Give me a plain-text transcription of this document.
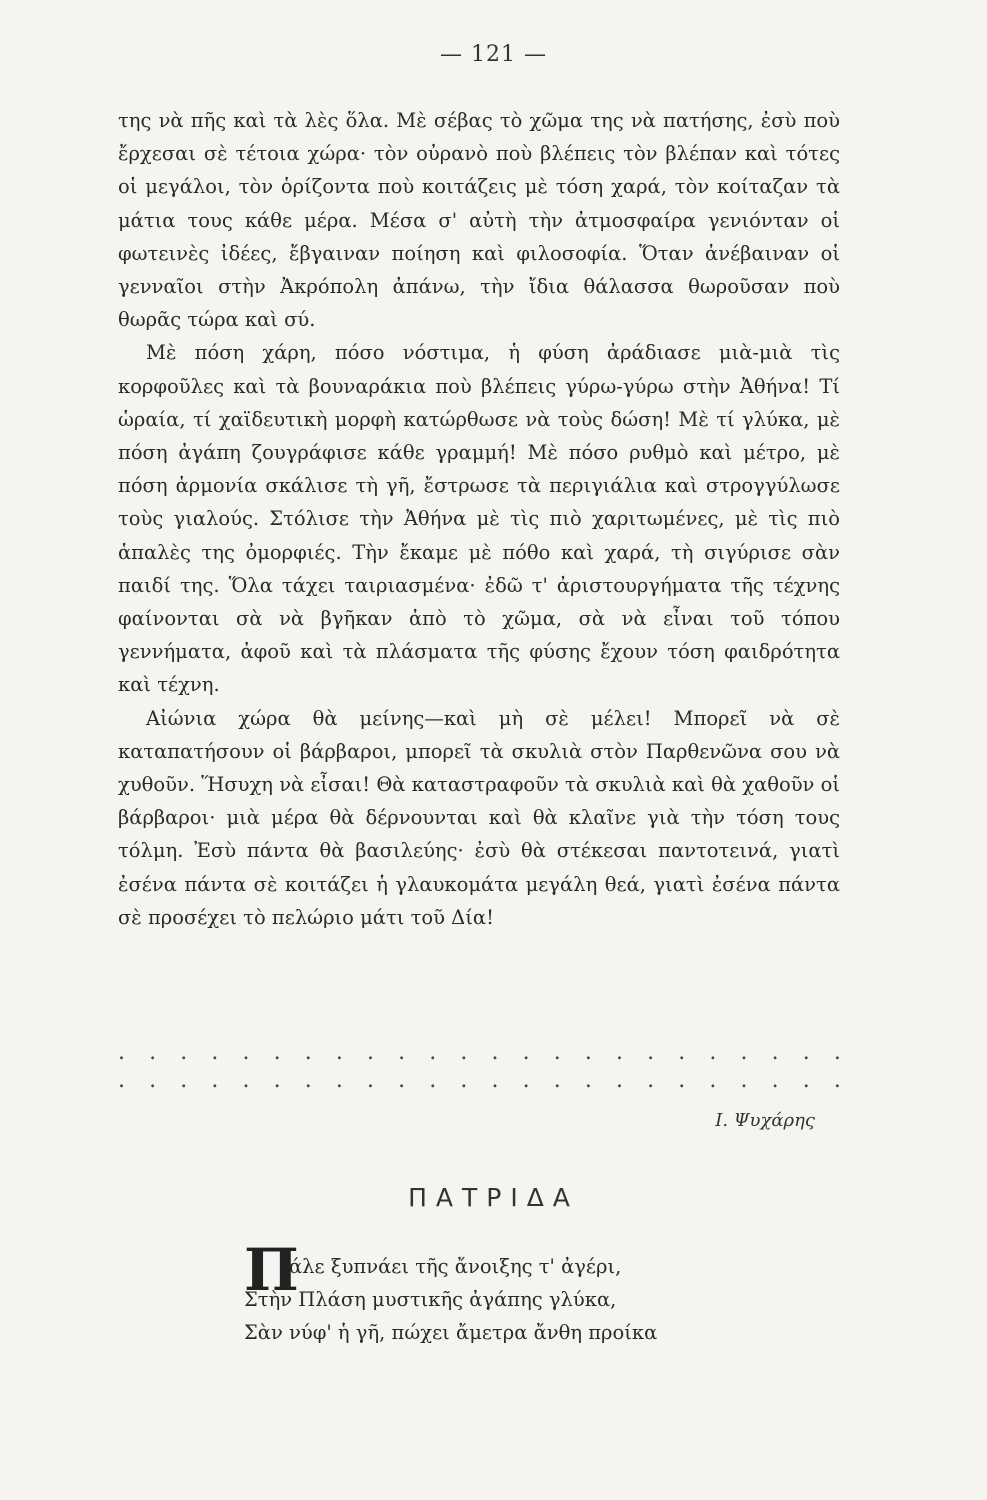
— 121 —

της νὰ πῆς καὶ τὰ λὲς ὅλα. Μὲ σέβας τὸ χῶμα της νὰ πατήσης, ἐσὺ ποὺ ἔρχεσαι σὲ τέτοια χώρα· τὸν οὐρανὸ ποὺ βλέπεις τὸν βλέπαν καὶ τότες οἱ μεγάλοι, τὸν ὁρίζοντα ποὺ κοιτάζεις μὲ τόση χαρά, τὸν κοίταζαν τὰ μάτια τους κάθε μέρα. Μέσα σ' αὐτὴ τὴν ἀτμοσφαίρα γενιόνταν οἱ φωτεινὲς ἰδέες, ἔβγαιναν ποίηση καὶ φιλοσοφία. Ὅταν ἀνέβαιναν οἱ γενναῖοι στὴν Ἀκρόπολη ἀπάνω, τὴν ἴδια θάλασσα θωροῦσαν ποὺ θωρᾶς τώρα καὶ σύ.

Μὲ πόση χάρη, πόσο νόστιμα, ἡ φύση ἀράδιασε μιὰ-μιὰ τὶς κορφοῦλες καὶ τὰ βουναράκια ποὺ βλέπεις γύρω-γύρω στὴν Ἀθήνα! Τί ὡραία, τί χαϊδευτικὴ μορφὴ κατώρθωσε νὰ τοὺς δώση! Μὲ τί γλύκα, μὲ πόση ἀγάπη ζουγράφισε κάθε γραμμή! Μὲ πόσο ρυθμὸ καὶ μέτρο, μὲ πόση ἁρμονία σκάλισε τὴ γῆ, ἔστρωσε τὰ περιγιάλια καὶ στρογγύλωσε τοὺς γιαλούς. Στόλισε τὴν Ἀθήνα μὲ τὶς πιὸ χαριτωμένες, μὲ τὶς πιὸ ἁπαλὲς της ὀμορφιές. Τὴν ἔκαμε μὲ πόθο καὶ χαρά, τὴ σιγύρισε σὰν παιδί της. Ὅλα τάχει ταιριασμένα· ἐδῶ τ' ἀριστουργήματα τῆς τέχνης φαίνονται σὰ νὰ βγῆκαν ἀπὸ τὸ χῶμα, σὰ νὰ εἶναι τοῦ τόπου γεννήματα, ἀφοῦ καὶ τὰ πλάσματα τῆς φύσης ἔχουν τόση φαιδρότητα καὶ τέχνη.

Αἰώνια χώρα θὰ μείνης—καὶ μὴ σὲ μέλει! Μπορεῖ νὰ σὲ καταπατήσουν οἱ βάρβαροι, μπορεῖ τὰ σκυλιὰ στὸν Παρθενῶνα σου νὰ χυθοῦν. Ἥσυχη νὰ εἶσαι! Θὰ καταστραφοῦν τὰ σκυλιὰ καὶ θὰ χαθοῦν οἱ βάρβαροι· μιὰ μέρα θὰ δέρνουνται καὶ θὰ κλαῖνε γιὰ τὴν τόση τους τόλμη. Ἐσὺ πάντα θὰ βασιλεύης· ἐσὺ θὰ στέκεσαι παντοτεινά, γιατὶ ἐσένα πάντα σὲ κοιτάζει ἡ γλαυκομάτα μεγάλη θεά, γιατὶ ἐσένα πάντα σὲ προσέχει τὸ πελώριο μάτι τοῦ Δία!

. . . . . . . . . . . . . . . . . . . . . . . .
. . . . . . . . . . . . . . . . . . . . . . . .
Ι. Ψυχάρης
ΠΑΤΡΙΔΑ
Π
άλε ξυπνάει τῆς ἄνοιξης τ' ἀγέρι,
Στὴν Πλάση μυστικῆς ἀγάπης γλύκα,
Σὰν νύφ' ἡ γῆ, πώχει ἄμετρα ἄνθη προίκα
